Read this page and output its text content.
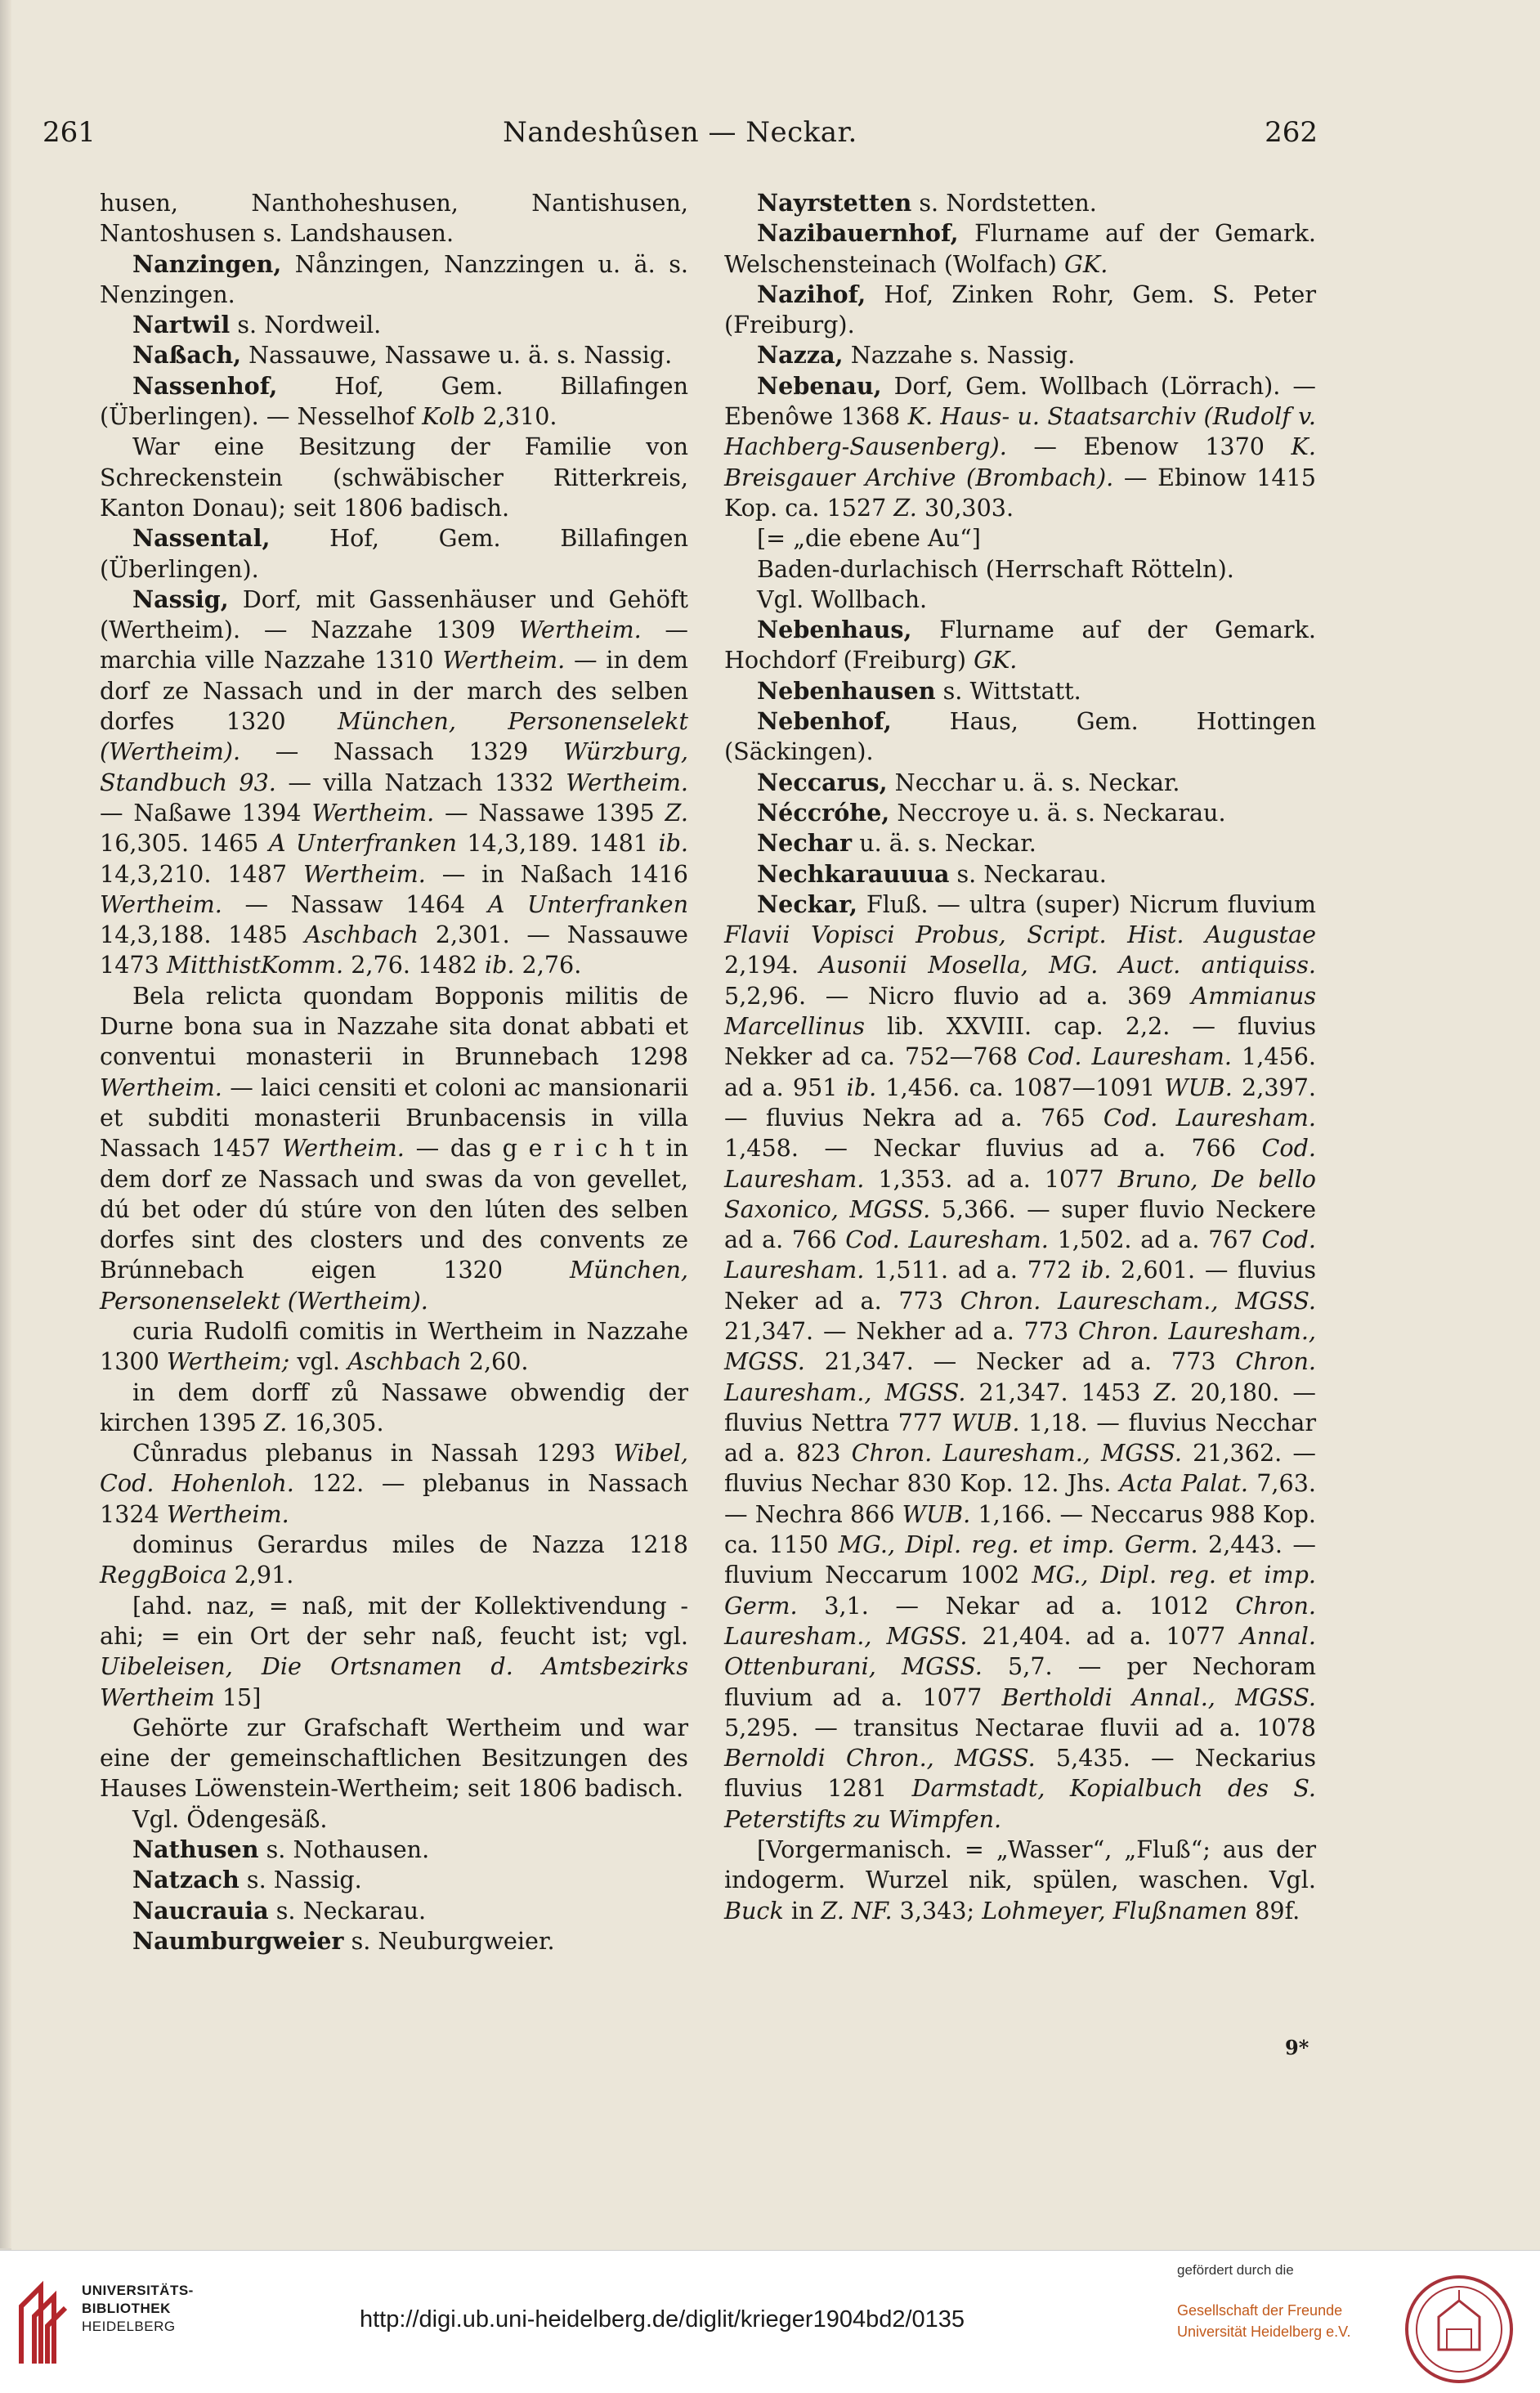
261	Nandeshûsen — Neckar.	262

husen, Nanthoheshusen, Nantishusen, Nantoshusen s. Landshausen.

Nanzingen, Nånzingen, Nanzzingen u. ä. s. Nenzingen.

Nartwil s. Nordweil.

Naßach, Nassauwe, Nassawe u. ä. s. Nassig.

Nassenhof, Hof, Gem. Billafingen (Überlingen). — Nesselhof Kolb 2,310.

War eine Besitzung der Familie von Schreckenstein (schwäbischer Ritterkreis, Kanton Donau); seit 1806 badisch.

Nassental, Hof, Gem. Billafingen (Überlingen).

Nassig, Dorf, mit Gassenhäuser und Gehöft (Wertheim). — Nazzahe 1309 Wertheim. — marchia ville Nazzahe 1310 Wertheim. — in dem dorf ze Nassach und in der march des selben dorfes 1320 München, Personenselekt (Wertheim). — Nassach 1329 Würzburg, Standbuch 93. — villa Natzach 1332 Wertheim. — Naßawe 1394 Wertheim. — Nassawe 1395 Z. 16,305. 1465 A Unterfranken 14,3,189. 1481 ib. 14,3,210. 1487 Wertheim. — in Naßach 1416 Wertheim. — Nassaw 1464 A Unterfranken 14,3,188. 1485 Aschbach 2,301. — Nassauwe 1473 MitthistKomm. 2,76. 1482 ib. 2,76.

Bela relicta quondam Bopponis militis de Durne bona sua in Nazzahe sita donat abbati et conventui monasterii in Brunnebach 1298 Wertheim. — laici censiti et coloni ac mansionarii et subditi monasterii Brunbacensis in villa Nassach 1457 Wertheim. — das g e r i c h t in dem dorf ze Nassach und swas da von gevellet, dú bet oder dú stúre von den lúten des selben dorfes sint des closters und des convents ze Brúnnebach eigen 1320 München, Personenselekt (Wertheim).

curia Rudolfi comitis in Wertheim in Nazzahe 1300 Wertheim; vgl. Aschbach 2,60.

in dem dorff zů Nassawe obwendig der kirchen 1395 Z. 16,305.

Cůnradus plebanus in Nassah 1293 Wibel, Cod. Hohenloh. 122. — plebanus in Nassach 1324 Wertheim.

dominus Gerardus miles de Nazza 1218 ReggBoica 2,91.

[ahd. naz, = naß, mit der Kollektivendung -ahi; = ein Ort der sehr naß, feucht ist; vgl. Uibeleisen, Die Ortsnamen d. Amtsbezirks Wertheim 15]

Gehörte zur Grafschaft Wertheim und war eine der gemeinschaftlichen Besitzungen des Hauses Löwenstein-Wertheim; seit 1806 badisch.

Vgl. Ödengesäß.

Nathusen s. Nothausen.

Natzach s. Nassig.

Naucrauia s. Neckarau.

Naumburgweier s. Neuburgweier.

Nayrstetten s. Nordstetten.

Nazibauernhof, Flurname auf der Gemark. Welschensteinach (Wolfach) GK.

Nazihof, Hof, Zinken Rohr, Gem. S. Peter (Freiburg).

Nazza, Nazzahe s. Nassig.

Nebenau, Dorf, Gem. Wollbach (Lörrach). — Ebenôwe 1368 K. Haus- u. Staatsarchiv (Rudolf v. Hachberg-Sausenberg). — Ebenow 1370 K. Breisgauer Archive (Brombach). — Ebinow 1415 Kop. ca. 1527 Z. 30,303.

[= „die ebene Au“]

Baden-durlachisch (Herrschaft Rötteln).

Vgl. Wollbach.

Nebenhaus, Flurname auf der Gemark. Hochdorf (Freiburg) GK.

Nebenhausen s. Wittstatt.

Nebenhof, Haus, Gem. Hottingen (Säckingen).

Neccarus, Necchar u. ä. s. Neckar.

Néccróhe, Neccroye u. ä. s. Neckarau.

Nechar u. ä. s. Neckar.

Nechkarauuua s. Neckarau.

Neckar, Fluß. — ultra (super) Nicrum fluvium Flavii Vopisci Probus, Script. Hist. Augustae 2,194. Ausonii Mosella, MG. Auct. antiquiss. 5,2,96. — Nicro fluvio ad a. 369 Ammianus Marcellinus lib. XXVIII. cap. 2,2. — fluvius Nekker ad ca. 752—768 Cod. Lauresham. 1,456. ad a. 951 ib. 1,456. ca. 1087—1091 WUB. 2,397. — fluvius Nekra ad a. 765 Cod. Lauresham. 1,458. — Neckar fluvius ad a. 766 Cod. Lauresham. 1,353. ad a. 1077 Bruno, De bello Saxonico, MGSS. 5,366. — super fluvio Neckere ad a. 766 Cod. Lauresham. 1,502. ad a. 767 Cod. Lauresham. 1,511. ad a. 772 ib. 2,601. — fluvius Neker ad a. 773 Chron. Laurescham., MGSS. 21,347. — Nekher ad a. 773 Chron. Lauresham., MGSS. 21,347. — Necker ad a. 773 Chron. Lauresham., MGSS. 21,347. 1453 Z. 20,180. — fluvius Nettra 777 WUB. 1,18. — fluvius Necchar ad a. 823 Chron. Lauresham., MGSS. 21,362. — fluvius Nechar 830 Kop. 12. Jhs. Acta Palat. 7,63. — Nechra 866 WUB. 1,166. — Neccarus 988 Kop. ca. 1150 MG., Dipl. reg. et imp. Germ. 2,443. — fluvium Neccarum 1002 MG., Dipl. reg. et imp. Germ. 3,1. — Nekar ad a. 1012 Chron. Lauresham., MGSS. 21,404. ad a. 1077 Annal. Ottenburani, MGSS. 5,7. — per Nechoram fluvium ad a. 1077 Bertholdi Annal., MGSS. 5,295. — transitus Nectarae fluvii ad a. 1078 Bernoldi Chron., MGSS. 5,435. — Neckarius fluvius 1281 Darmstadt, Kopialbuch des S. Peterstifts zu Wimpfen.

[Vorgermanisch. = „Wasser“, „Fluß“; aus der indogerm. Wurzel nik, spülen, waschen. Vgl. Buck in Z. NF. 3,343; Lohmeyer, Flußnamen 89f.

9*
UNIVERSITÄTS-
BIBLIOTHEK
HEIDELBERG	http://digi.ub.uni-heidelberg.de/diglit/krieger1904bd2/0135
gefördert durch die
Gesellschaft der Freunde
Universität Heidelberg e.V.
